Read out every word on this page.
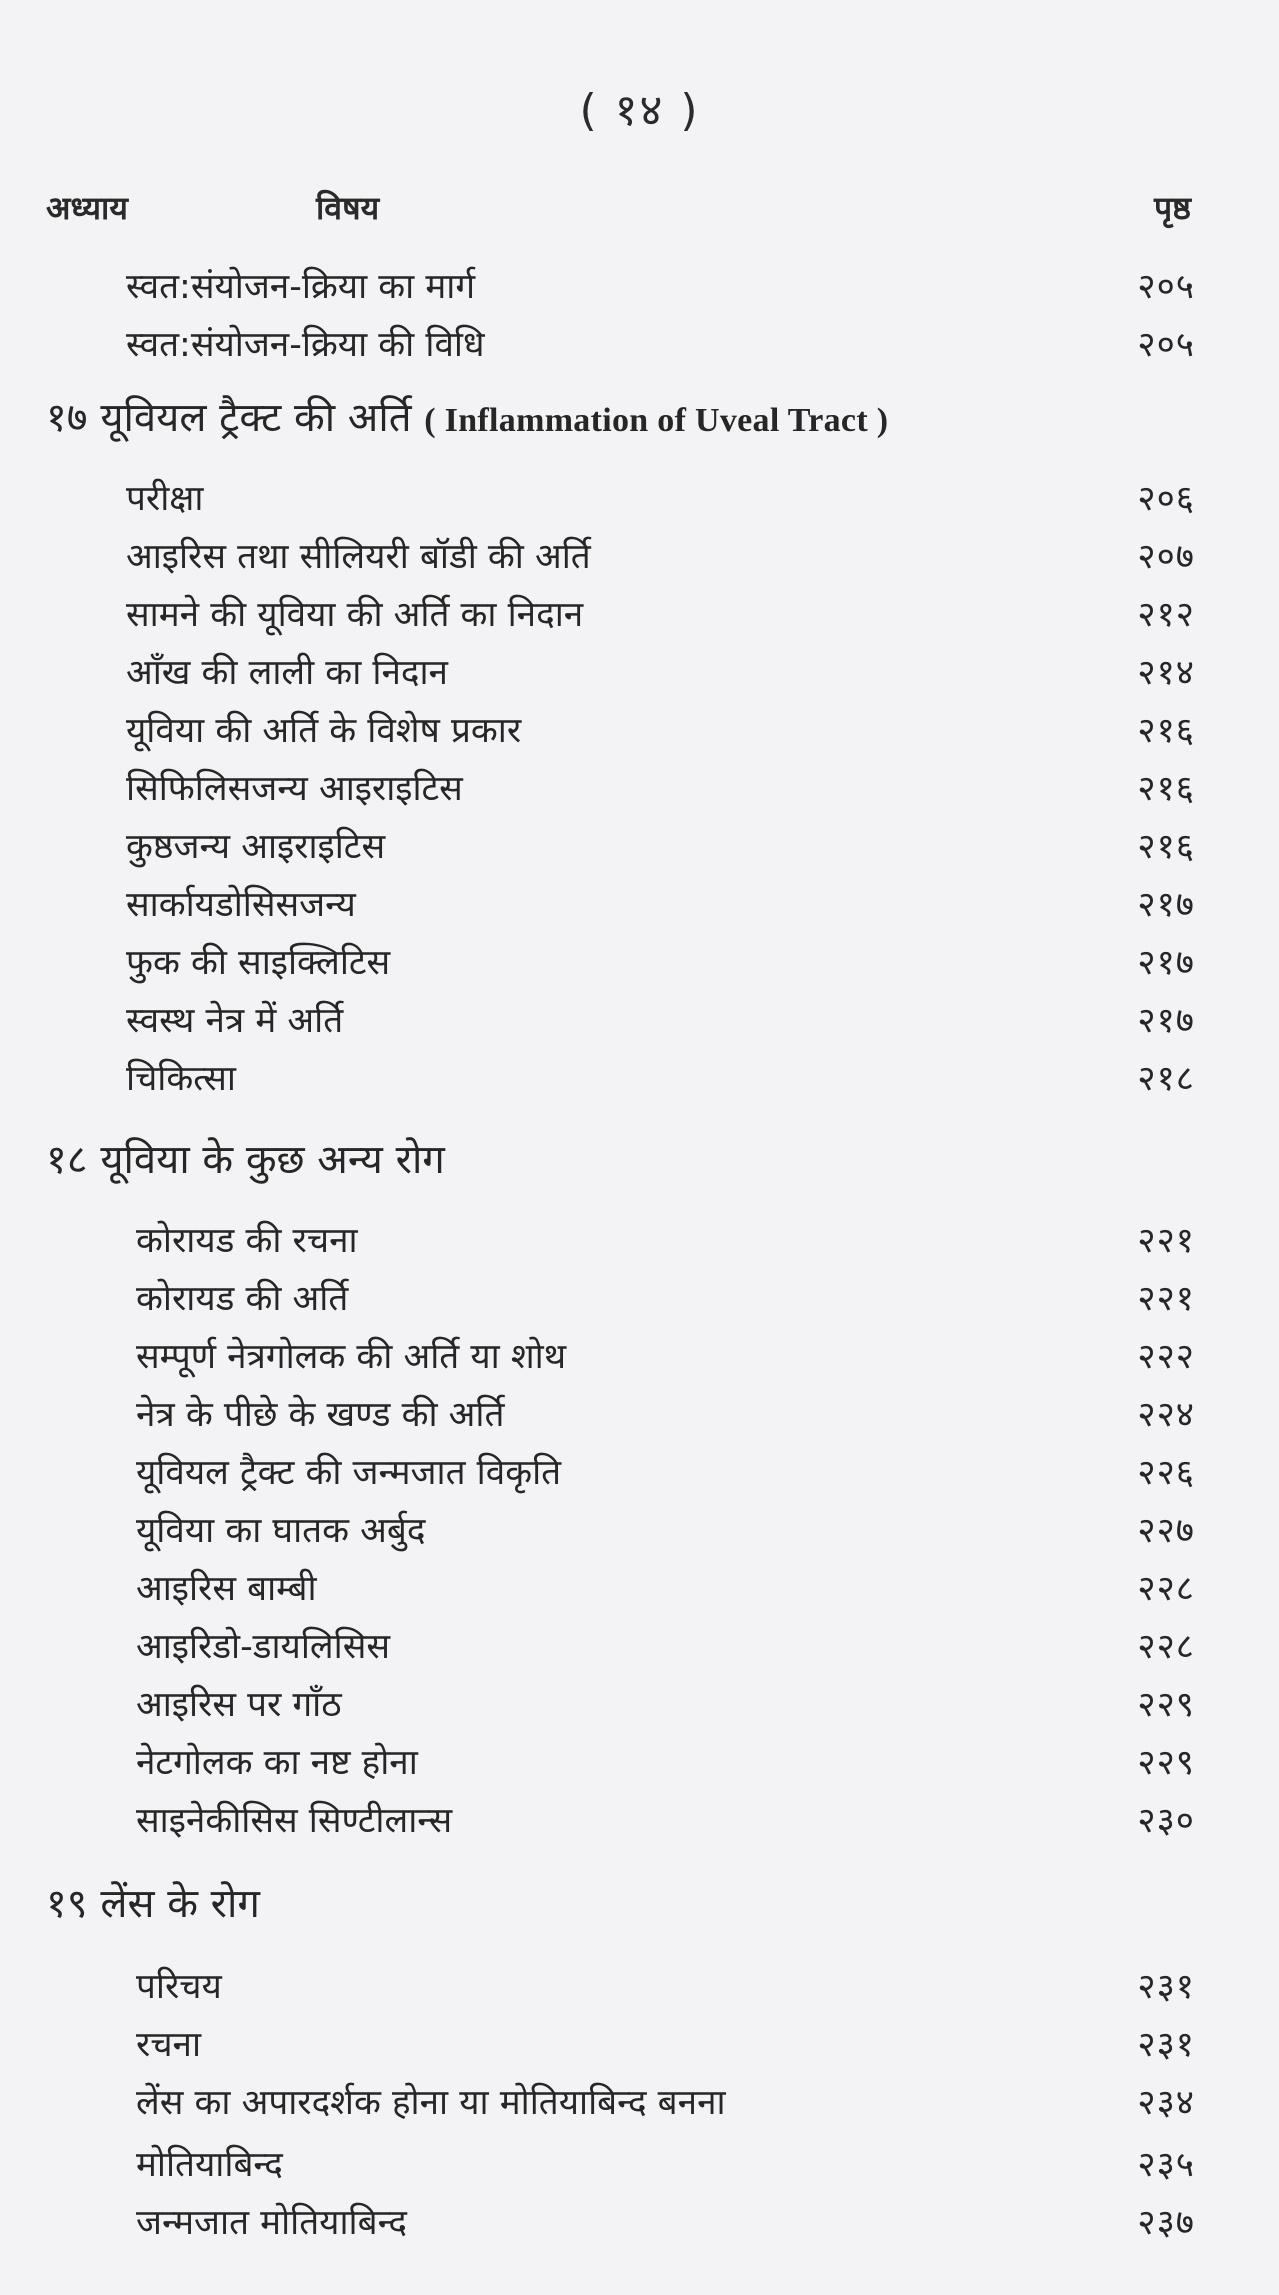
( १४ )
अध्याय	विषय	पृष्ठ
स्वत:संयोजन-क्रिया का मार्ग	२०५
स्वत:संयोजन-क्रिया की विधि	२०५
१७ यूवियल ट्रैक्ट की अर्ति ( Inflammation of Uveal Tract )
परीक्षा	२०६
आइरिस तथा सीलियरी बॉडी की अर्ति	२०७
सामने की यूविया की अर्ति का निदान	२१२
आँख की लाली का निदान	२१४
यूविया की अर्ति के विशेष प्रकार	२१६
सिफिलिसजन्य आइराइटिस	२१६
कुष्ठजन्य आइराइटिस	२१६
सार्कायडोसिसजन्य	२१७
फुक की साइक्लिटिस	२१७
स्वस्थ नेत्र में अर्ति	२१७
चिकित्सा	२१८
१८ यूविया के कुछ अन्य रोग
कोरायड की रचना	२२१
कोरायड की अर्ति	२२१
सम्पूर्ण नेत्रगोलक की अर्ति या शोथ	२२२
नेत्र के पीछे के खण्ड की अर्ति	२२४
यूवियल ट्रैक्ट की जन्मजात विकृति	२२६
यूविया का घातक अर्बुद	२२७
आइरिस बाम्बी	२२८
आइरिडो-डायलिसिस	२२८
आइरिस पर गाँठ	२२९
नेटगोलक का नष्ट होना	२२९
साइनेकीसिस सिण्टीलान्स	२३०
१९ लेंस के रोग
परिचय	२३१
रचना	२३१
लेंस का अपारदर्शक होना या मोतियाबिन्द बनना	२३४
मोतियाबिन्द	२३५
जन्मजात मोतियाबिन्द	२३७
